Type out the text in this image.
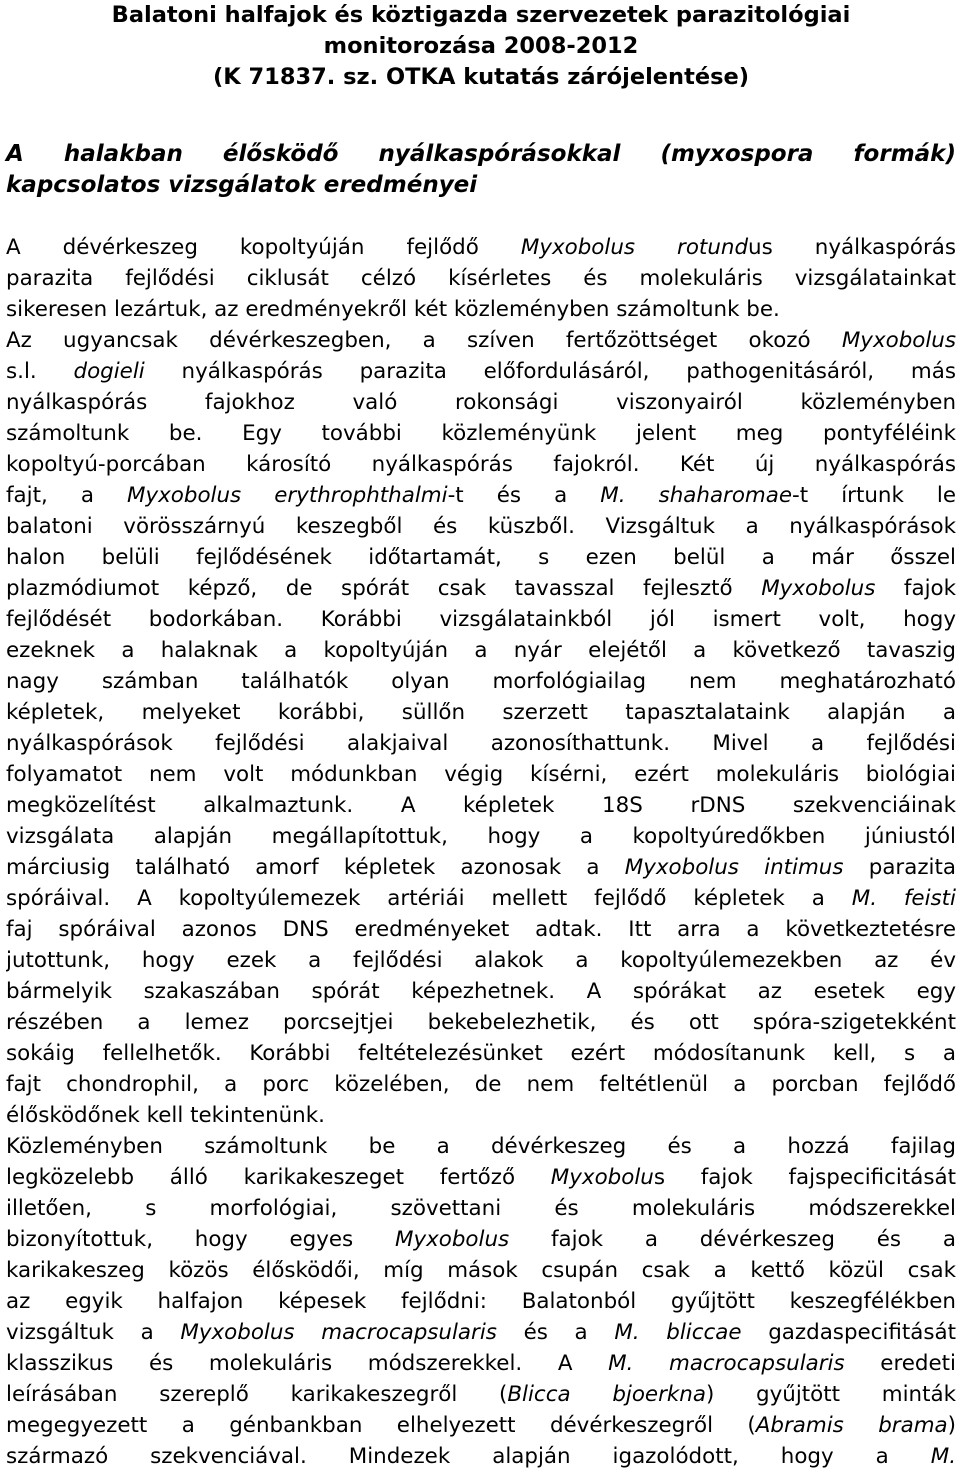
Balatoni halfajok és köztigazda szervezetek parazitológiai
monitorozása 2008-2012
(K 71837. sz. OTKA kutatás zárójelentése)
A halakban élősködő nyálkaspórásokkal (myxospora formák) kapcsolatos vizsgálatok eredményei
A dévérkeszeg kopoltyúján fejlődő Myxobolus rotundus nyálkaspórás
parazita fejlődési ciklusát célzó kísérletes és molekuláris vizsgálatainkat
sikeresen lezártuk, az eredményekről két közleményben számoltunk be.
Az ugyancsak dévérkeszegben, a szíven fertőzöttséget okozó Myxobolus
s.l. dogieli nyálkaspórás parazita előfordulásáról, pathogenitásáról, más
nyálkaspórás fajokhoz való rokonsági viszonyairól közleményben
számoltunk be. Egy további közleményünk jelent meg pontyféléink
kopoltyú-porcában károsító nyálkaspórás fajokról. Két új nyálkaspórás
fajt, a Myxobolus erythrophthalmi-t és a M. shaharomae-t írtunk le
balatoni vörösszárnyú keszegből és küszből. Vizsgáltuk a nyálkaspórások
halon belüli fejlődésének időtartamát, s ezen belül a már ősszel
plazmódiumot képző, de spórát csak tavasszal fejlesztő Myxobolus fajok
fejlődését bodorkában. Korábbi vizsgálatainkból jól ismert volt, hogy
ezeknek a halaknak a kopoltyúján a nyár elejétől a következő tavaszig
nagy számban találhatók olyan morfológiailag nem meghatározható
képletek, melyeket korábbi, süllőn szerzett tapasztalataink alapján a
nyálkaspórások fejlődési alakjaival azonosíthattunk. Mivel a fejlődési
folyamatot nem volt módunkban végig kísérni, ezért molekuláris biológiai
megközelítést alkalmaztunk. A képletek 18S rDNS szekvenciáinak
vizsgálata alapján megállapítottuk, hogy a kopoltyúredőkben júniustól
márciusig található amorf képletek azonosak a Myxobolus intimus parazita
spóráival. A kopoltyúlemezek artériái mellett fejlődő képletek a M. feisti
faj spóráival azonos DNS eredményeket adtak. Itt arra a következtetésre
jutottunk, hogy ezek a fejlődési alakok a kopoltyúlemezekben az év
bármelyik szakaszában spórát képezhetnek. A spórákat az esetek egy
részében a lemez porcsejtjei bekebelezhetik, és ott spóra-szigetekként
sokáig fellelhetők. Korábbi feltételezésünket ezért módosítanunk kell, s a
fajt chondrophil, a porc közelében, de nem feltétlenül a porcban fejlődő
élősködőnek kell tekintenünk.
Közleményben számoltunk be a dévérkeszeg és a hozzá fajilag
legközelebb álló karikakeszeget fertőző Myxobolus fajok fajspecificitását
illetően, s morfológiai, szövettani és molekuláris módszerekkel
bizonyítottuk, hogy egyes Myxobolus fajok a dévérkeszeg és a
karikakeszeg közös élősködői, míg mások csupán csak a kettő közül csak
az egyik halfajon képesek fejlődni: Balatonból gyűjtött keszegfélékben
vizsgáltuk a Myxobolus macrocapsularis és a M. bliccae gazdaspecifitását
klasszikus és molekuláris módszerekkel. A M. macrocapsularis eredeti
leírásában szereplő karikakeszegről (Blicca bjoerkna) gyűjtött minták
megegyezett a génbankban elhelyezett dévérkeszegről (Abramis brama)
származó szekvenciával. Mindezek alapján igazolódott, hogy a M.
